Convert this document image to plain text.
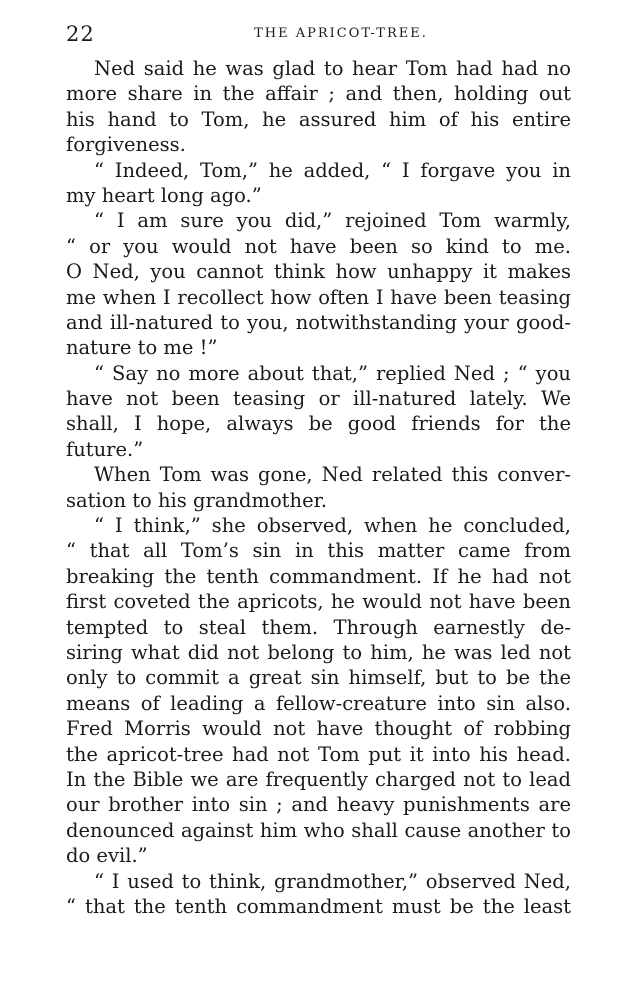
22	THE APRICOT-TREE.
Ned said he was glad to hear Tom had had no
more share in the affair ; and then, holding out
his hand to Tom, he assured him of his entire
forgiveness.
“ Indeed, Tom,” he added, “ I forgave you in
my heart long ago.”
“ I am sure you did,” rejoined Tom warmly,
“ or you would not have been so kind to me.
O Ned, you cannot think how unhappy it makes
me when I recollect how often I have been teasing
and ill-natured to you, notwithstanding your good-
nature to me !”
“ Say no more about that,” replied Ned ; “ you
have not been teasing or ill-natured lately. We
shall, I hope, always be good friends for the
future.”
When Tom was gone, Ned related this conver-
sation to his grandmother.
“ I think,” she observed, when he concluded,
“ that all Tom’s sin in this matter came from
breaking the tenth commandment. If he had not
first coveted the apricots, he would not have been
tempted to steal them. Through earnestly de-
siring what did not belong to him, he was led not
only to commit a great sin himself, but to be the
means of leading a fellow-creature into sin also.
Fred Morris would not have thought of robbing
the apricot-tree had not Tom put it into his head.
In the Bible we are frequently charged not to lead
our brother into sin ; and heavy punishments are
denounced against him who shall cause another to
do evil.”
“ I used to think, grandmother,” observed Ned,
“ that the tenth commandment must be the least
